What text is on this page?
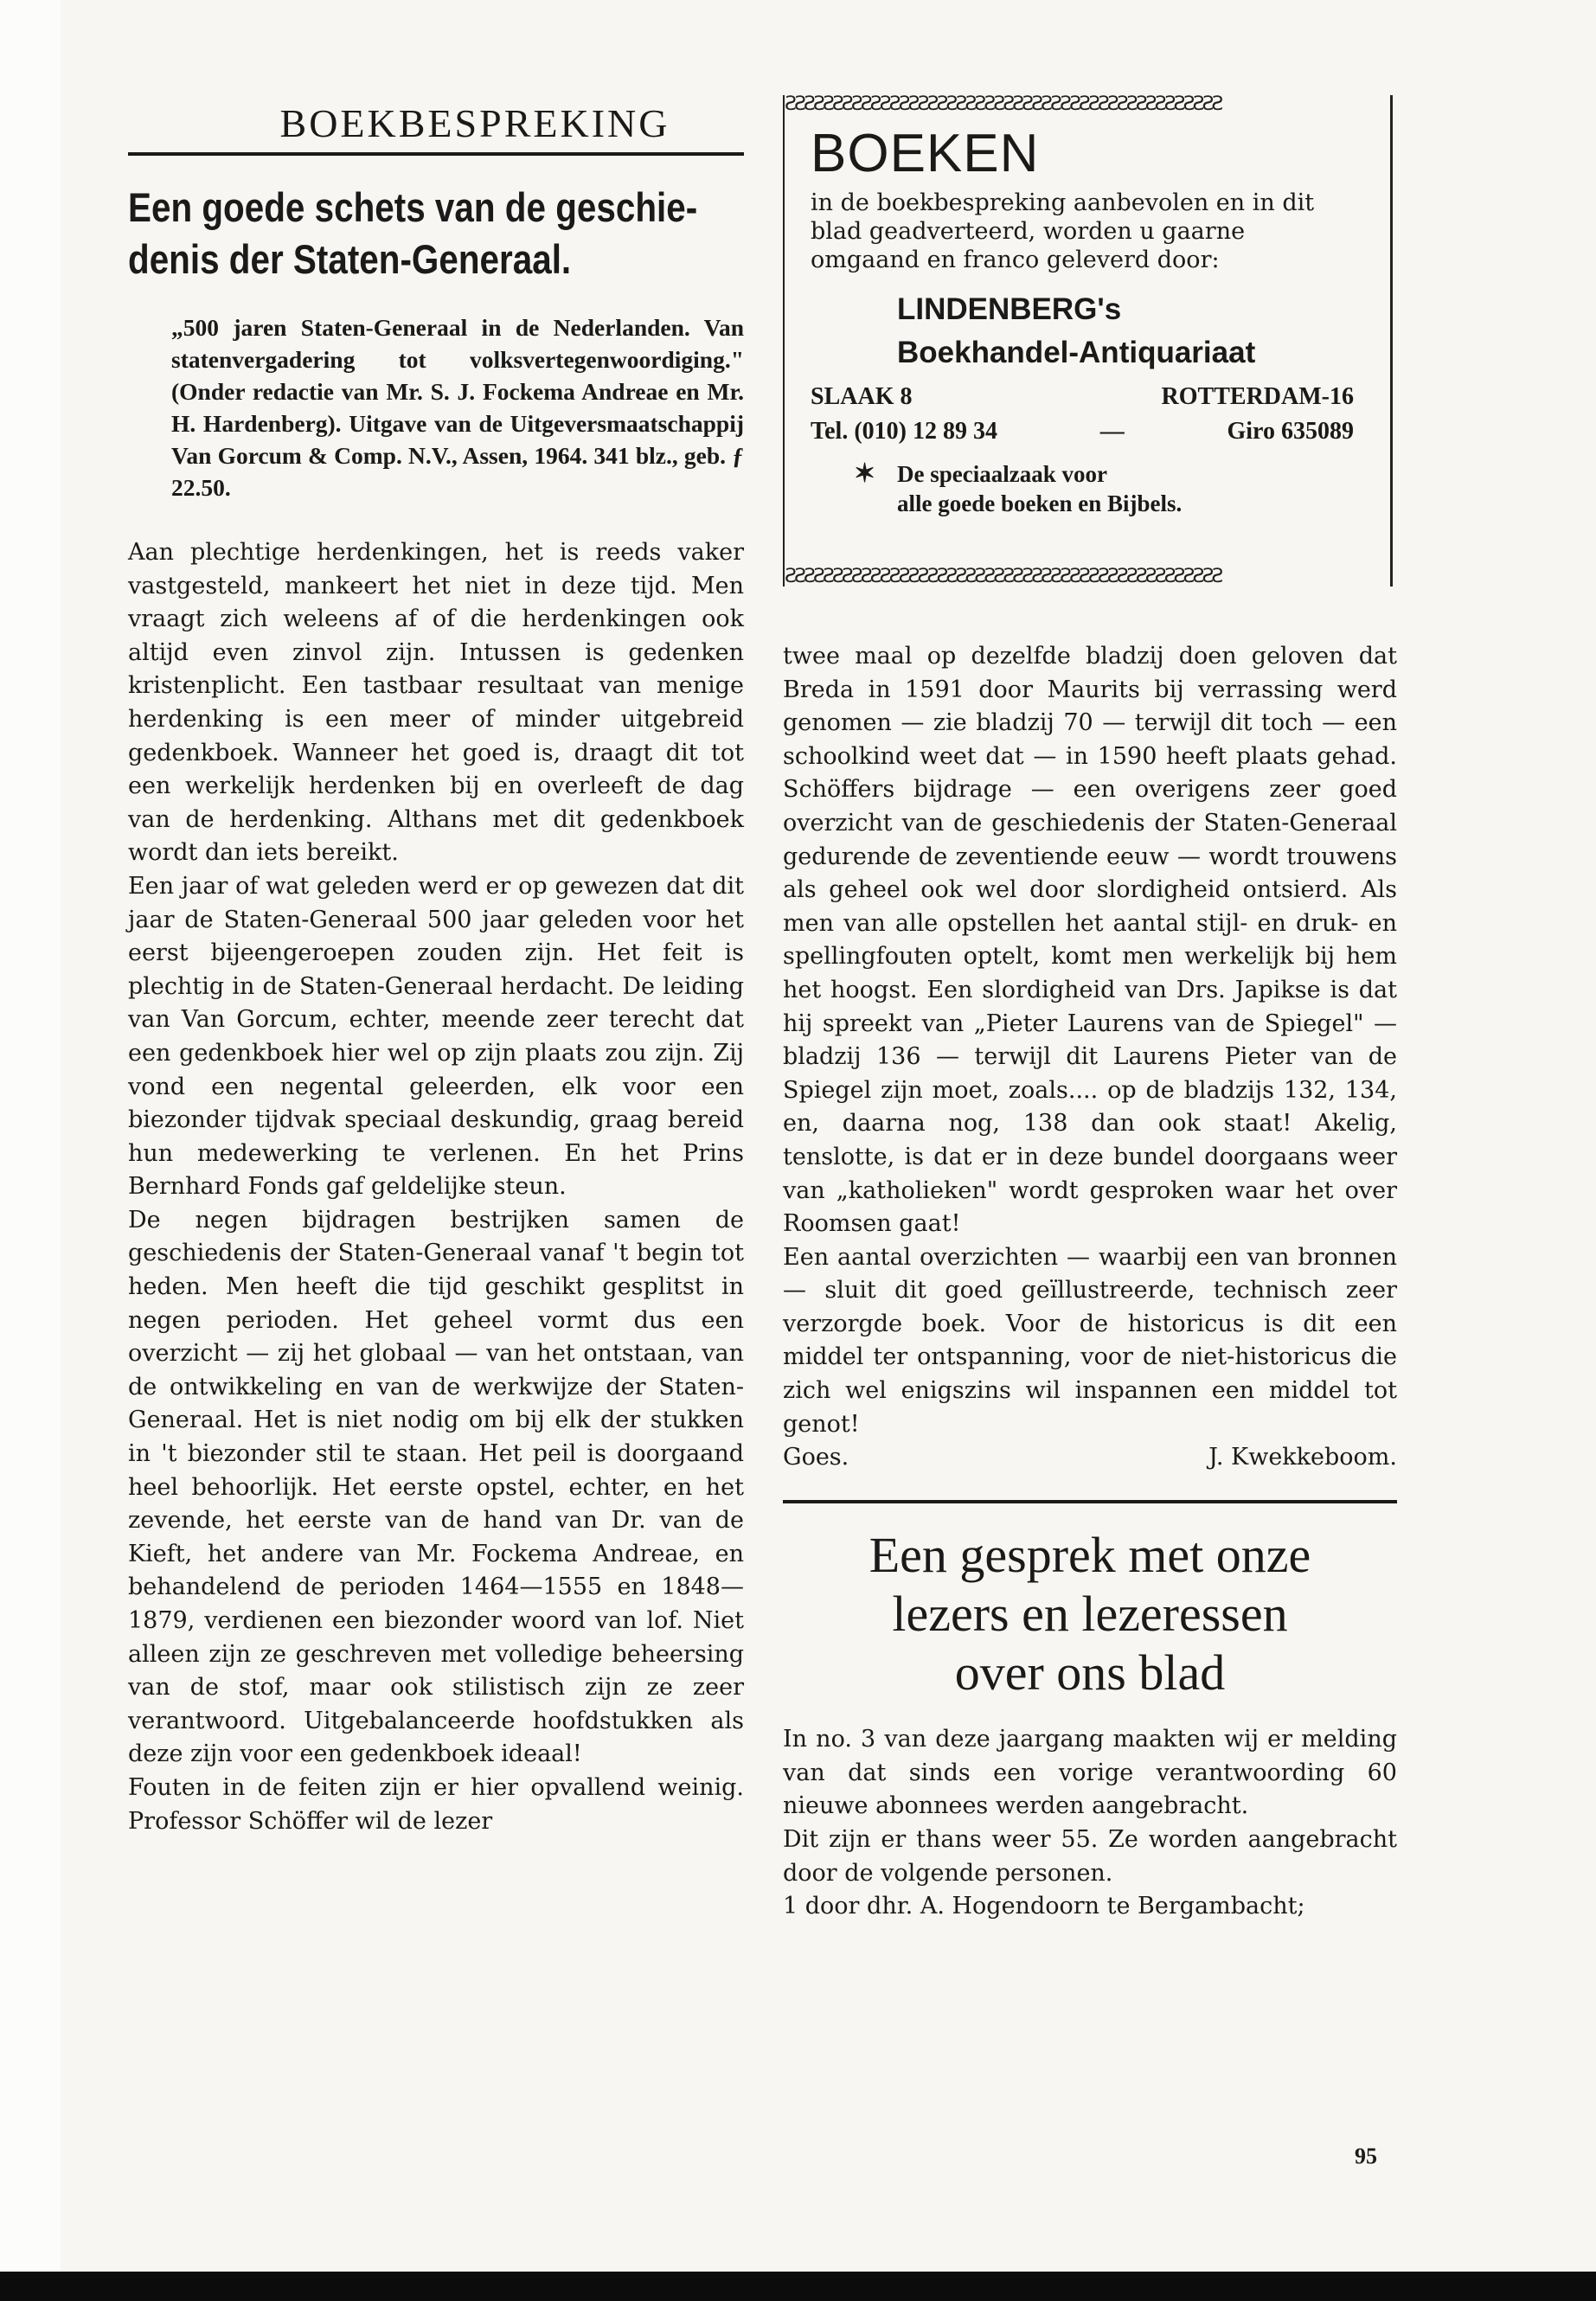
BOEKBESPREKING
Een goede schets van de geschie-
denis der Staten-Generaal.
„500 jaren Staten-Generaal in de Nederlanden. Van statenvergadering tot volksvertegenwoordiging." (Onder redactie van Mr. S. J. Fockema Andreae en Mr. H. Hardenberg). Uitgave van de Uitgeversmaatschappij Van Gorcum & Comp. N.V., Assen, 1964. 341 blz., geb. ƒ 22.50.

Aan plechtige herdenkingen, het is reeds vaker vastgesteld, mankeert het niet in deze tijd. Men vraagt zich weleens af of die herdenkingen ook altijd even zinvol zijn. Intussen is gedenken kristenplicht. Een tastbaar resultaat van menige herdenking is een meer of minder uitgebreid gedenkboek. Wanneer het goed is, draagt dit tot een werkelijk herdenken bij en overleeft de dag van de herdenking. Althans met dit gedenkboek wordt dan iets bereikt.

Een jaar of wat geleden werd er op gewezen dat dit jaar de Staten-Generaal 500 jaar geleden voor het eerst bijeengeroepen zouden zijn. Het feit is plechtig in de Staten-Generaal herdacht. De leiding van Van Gorcum, echter, meende zeer terecht dat een gedenkboek hier wel op zijn plaats zou zijn. Zij vond een negental geleerden, elk voor een biezonder tijdvak speciaal deskundig, graag bereid hun medewerking te verlenen. En het Prins Bernhard Fonds gaf geldelijke steun.

De negen bijdragen bestrijken samen de geschiedenis der Staten-Generaal vanaf 't begin tot heden. Men heeft die tijd geschikt gesplitst in negen perioden. Het geheel vormt dus een overzicht — zij het globaal — van het ontstaan, van de ontwikkeling en van de werkwijze der Staten-Generaal. Het is niet nodig om bij elk der stukken in 't biezonder stil te staan. Het peil is doorgaand heel behoorlijk. Het eerste opstel, echter, en het zevende, het eerste van de hand van Dr. van de Kieft, het andere van Mr. Fockema Andreae, en behandelend de perioden 1464—1555 en 1848—1879, verdienen een biezonder woord van lof. Niet alleen zijn ze geschreven met volledige beheersing van de stof, maar ook stilistisch zijn ze zeer verantwoord. Uitgebalanceerde hoofdstukken als deze zijn voor een gedenkboek ideaal!

Fouten in de feiten zijn er hier opvallend weinig. Professor Schöffer wil de lezer

ƧƧƧƧƧƧƧƧƧƧƧƧƧƧƧƧƧƧƧƧƧƧƧƧƧƧƧƧƧƧƧƧƧƧƧƧƧƧƧƧƧƧƧƧƧƧ
BOEKEN
in de boekbespreking aanbevolen en in dit blad geadverteerd, worden u gaarne omgaand en franco geleverd door:
LINDENBERG's
Boekhandel-Antiquariaat
SLAAK 8	ROTTERDAM-16
Tel. (010) 12 89 34	—	Giro 635089
✶ De speciaalzaak voor
alle goede boeken en Bijbels.
ƧƧƧƧƧƧƧƧƧƧƧƧƧƧƧƧƧƧƧƧƧƧƧƧƧƧƧƧƧƧƧƧƧƧƧƧƧƧƧƧƧƧƧƧƧƧ

twee maal op dezelfde bladzij doen geloven dat Breda in 1591 door Maurits bij verrassing werd genomen — zie bladzij 70 — terwijl dit toch — een schoolkind weet dat — in 1590 heeft plaats gehad. Schöffers bijdrage — een overigens zeer goed overzicht van de geschiedenis der Staten-Generaal gedurende de zeventiende eeuw — wordt trouwens als geheel ook wel door slordigheid ontsierd. Als men van alle opstellen het aantal stijl- en druk- en spellingfouten optelt, komt men werkelijk bij hem het hoogst. Een slordigheid van Drs. Japikse is dat hij spreekt van „Pieter Laurens van de Spiegel" — bladzij 136 — terwijl dit Laurens Pieter van de Spiegel zijn moet, zoals.... op de bladzijs 132, 134, en, daarna nog, 138 dan ook staat! Akelig, tenslotte, is dat er in deze bundel doorgaans weer van „katholieken" wordt gesproken waar het over Roomsen gaat!

Een aantal overzichten — waarbij een van bronnen — sluit dit goed geïllustreerde, technisch zeer verzorgde boek. Voor de historicus is dit een middel ter ontspanning, voor de niet-historicus die zich wel enigszins wil inspannen een middel tot genot!

Goes.	J. Kwekkeboom.
Een gesprek met onze
lezers en lezeressen
over ons blad

In no. 3 van deze jaargang maakten wij er melding van dat sinds een vorige verantwoording 60 nieuwe abonnees werden aangebracht.

Dit zijn er thans weer 55. Ze worden aangebracht door de volgende personen.

1 door dhr. A. Hogendoorn te Bergambacht;

95
